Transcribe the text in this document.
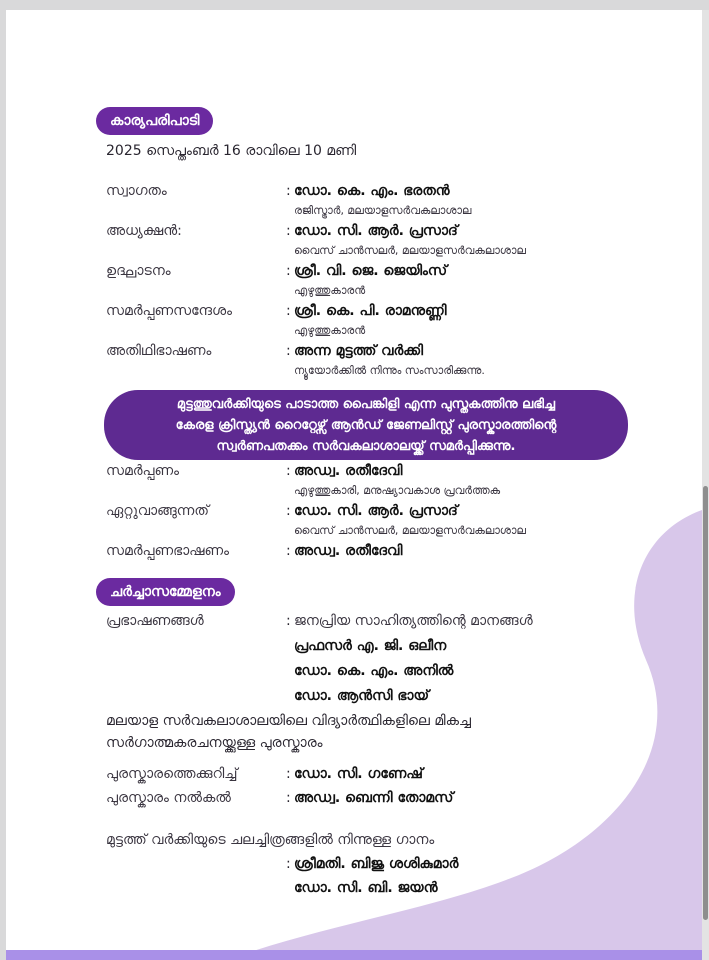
കാര്യപരിപാടി
2025 സെപ്തംബർ 16 രാവിലെ 10 മണി
സ്വാഗതം	: ഡോ. കെ. എം. ഭരതൻ
രജിസ്ട്രാർ, മലയാളസർവകലാശാല
അധ്യക്ഷൻ:	: ഡോ. സി. ആർ. പ്രസാദ്
വൈസ് ചാൻസലർ, മലയാളസർവകലാശാല
ഉദ്ഘാടനം	: ശ്രീ. വി. ജെ. ജെയിംസ്
എഴുത്തുകാരൻ
സമർപ്പണസന്ദേശം	: ശ്രീ. കെ. പി. രാമനുണ്ണി
എഴുത്തുകാരൻ
അതിഥിഭാഷണം	: അന്ന മുട്ടത്ത് വർക്കി
ന്യൂയോർക്കിൽ നിന്നും സംസാരിക്കുന്നു.
മുട്ടത്തുവർക്കിയുടെ പാടാത്ത പൈങ്കിളി എന്ന പുസ്തകത്തിനു ലഭിച്ച
കേരള ക്രിസ്ത്യൻ റൈറ്റേഴ്സ് ആൻഡ് ജേണലിസ്റ്റ് പുരസ്കാരത്തിന്റെ
സ്വർണപതക്കം സർവകലാശാലയ്ക്ക് സമർപ്പിക്കുന്നു.
സമർപ്പണം	: അഡ്വ. രതീദേവി
എഴുത്തുകാരി, മനുഷ്യാവകാശ പ്രവർത്തക
ഏറ്റുവാങ്ങുന്നത്	: ഡോ. സി. ആർ. പ്രസാദ്
വൈസ് ചാൻസലർ, മലയാളസർവകലാശാല
സമർപ്പണഭാഷണം	: അഡ്വ. രതീദേവി
ചർച്ചാസമ്മേളനം
പ്രഭാഷണങ്ങൾ	: ജനപ്രിയ സാഹിത്യത്തിന്റെ മാനങ്ങൾ
പ്രഫസർ എ. ജി. ഒലീന
ഡോ. കെ. എം. അനിൽ
ഡോ. ആൻസി ഭായ്
മലയാള സർവകലാശാലയിലെ വിദ്യാർത്ഥികളിലെ മികച്ച
സർഗാത്മകരചനയ്ക്കുള്ള പുരസ്കാരം
പുരസ്കാരത്തെക്കുറിച്ച്	: ഡോ. സി. ഗണേഷ്
പുരസ്കാരം നൽകൽ	: അഡ്വ. ബെന്നി തോമസ്
മുട്ടത്ത് വർക്കിയുടെ ചലച്ചിത്രങ്ങളിൽ നിന്നുള്ള ഗാനം
: ശ്രീമതി. ബിജു ശശികുമാർ
ഡോ. സി. ബി. ജയൻ
